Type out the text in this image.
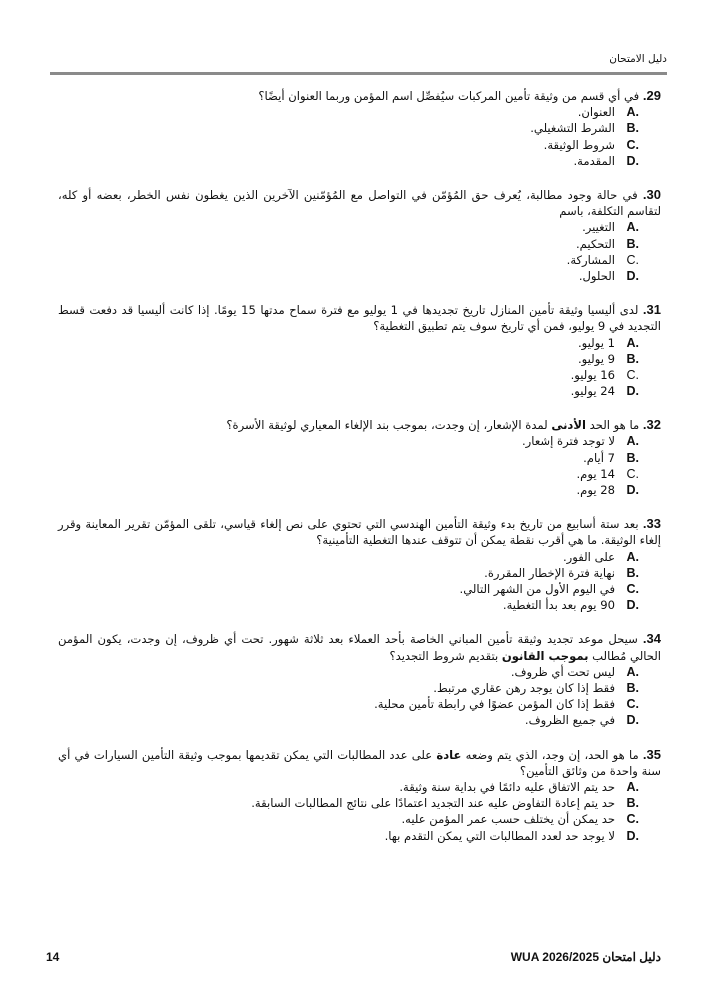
دليل الامتحان

29. في أي قسم من وثيقة تأمين المركبات سيُفصِّل اسم المؤمن وربما العنوان أيضًا؟

A.
العنوان.
B.
الشرط التشغيلي.
C.
شروط الوثيقة.
D.
المقدمة.

30. في حالة وجود مطالبة، يُعرف حق المُؤمّن في التواصل مع المُؤمّنين الآخرين الذين يغطون نفس الخطر، بعضه أو كله، لتقاسم التكلفة، باسم

A.
التغيير.
B.
التحكيم.
C.
المشاركة.
D.
الحلول.

31. لدى أليسيا وثيقة تأمين المنازل تاريخ تجديدها في 1 يوليو مع فترة سماح مدتها 15 يومًا. إذا كانت أليسيا قد دفعت قسط التجديد في 9 يوليو، فمن أي تاريخ سوف يتم تطبيق التغطية؟

A.
1 يوليو.
B.
9 يوليو.
C.
16 يوليو.
D.
24 يوليو.

32. ما هو الحد الأدنى لمدة الإشعار، إن وجدت، بموجب بند الإلغاء المعياري لوثيقة الأسرة؟

A.
لا توجد فترة إشعار.
B.
7 أيام.
C.
14 يوم.
D.
28 يوم.

33. بعد ستة أسابيع من تاريخ بدء وثيقة التأمين الهندسي التي تحتوي على نص إلغاء قياسي، تلقى المؤمّن تقرير المعاينة وقرر إلغاء الوثيقة. ما هي أقرب نقطة يمكن أن تتوقف عندها التغطية التأمينية؟

A.
على الفور.
B.
نهاية فترة الإخطار المقررة.
C.
في اليوم الأول من الشهر التالي.
D.
90 يوم بعد بدأ التغطية.

34. سيحل موعد تجديد وثيقة تأمين المباني الخاصة بأحد العملاء بعد ثلاثة شهور. تحت أي ظروف، إن وجدت، يكون المؤمن الحالي مُطالب بموجب القانون بتقديم شروط التجديد؟

A.
ليس تحت أي ظروف.
B.
فقط إذا كان يوجد رهن عقاري مرتبط.
C.
فقط إذا كان المؤمن عضوًا في رابطة تأمين محلية.
D.
في جميع الظروف.

35. ما هو الحد، إن وجد، الذي يتم وضعه عادة على عدد المطالبات التي يمكن تقديمها بموجب وثيقة التأمين السيارات في أي سنة واحدة من وثائق التأمين؟

A.
حد يتم الاتفاق عليه دائمًا في بداية سنة وثيقة.
B.
حد يتم إعادة التفاوض عليه عند التجديد اعتمادًا على نتائج المطالبات السابقة.
C.
حد يمكن أن يختلف حسب عمر المؤمن عليه.
D.
لا يوجد حد لعدد المطالبات التي يمكن التقدم بها.
14	دليل امتحان WUA 2026/2025
